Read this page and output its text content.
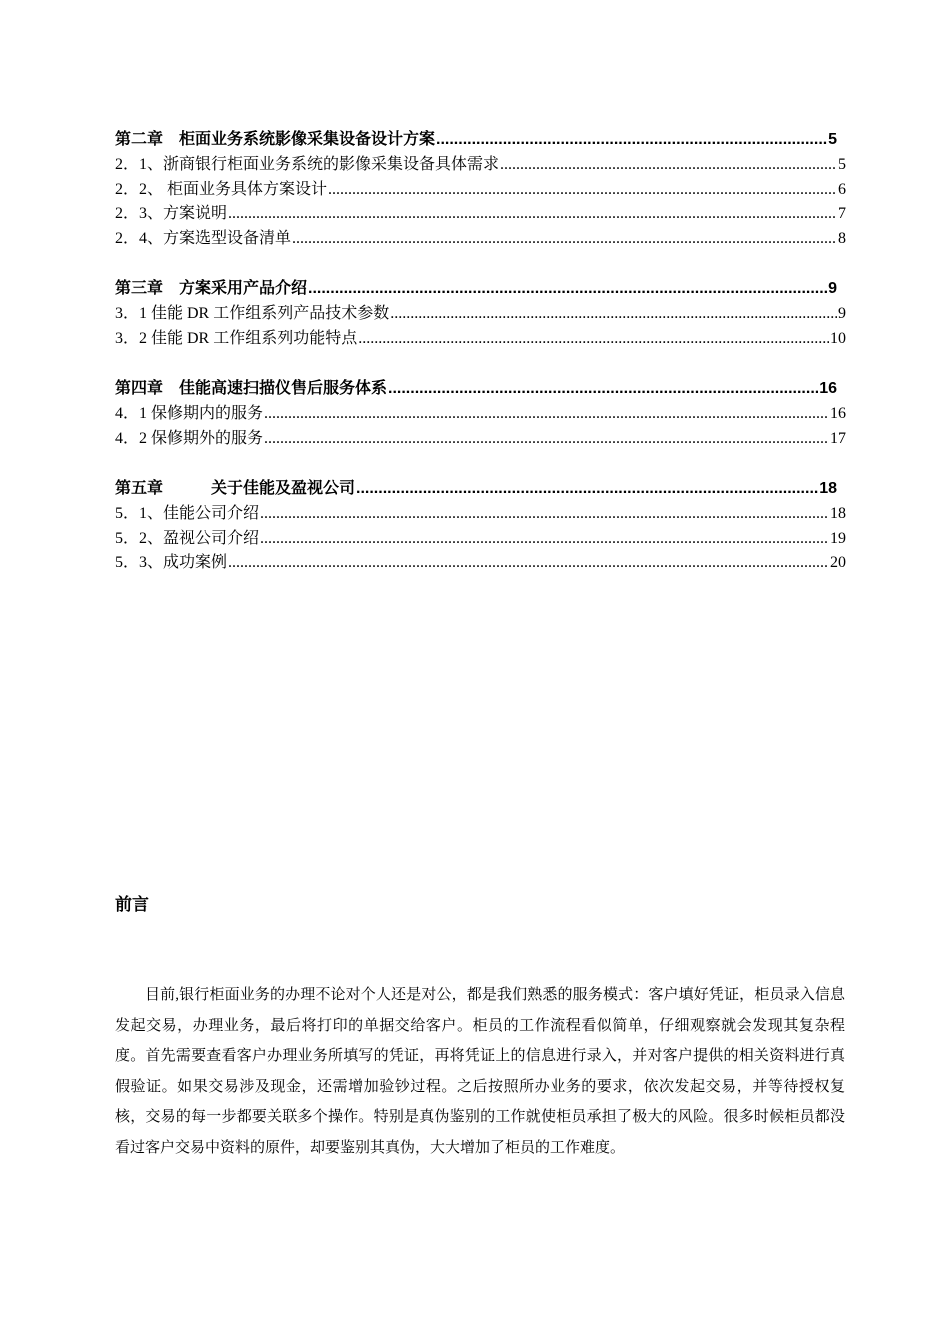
第二章　柜面业务系统影像采集设备设计方案 .....	5
2．1、浙商银行柜面业务系统的影像采集设备具体需求 .....	5
2．2、 柜面业务具体方案设计 .....	6
2．3、方案说明 .....	7
2．4、方案选型设备清单 .....	8
第三章　方案采用产品介绍 .....	9
3．1 佳能 DR 工作组系列产品技术参数 .....	9
3．2 佳能 DR 工作组系列功能特点 .....	10
第四章　佳能高速扫描仪售后服务体系 .....	16
4．1 保修期内的服务 .....	16
4．2 保修期外的服务 .....	17
第五章　　　关于佳能及盈视公司 .....	18
5．1、佳能公司介绍 .....	18
5．2、盈视公司介绍 .....	19
5．3、成功案例 .....	20
前言

目前,银行柜面业务的办理不论对个人还是对公，都是我们熟悉的服务模式：客户填好凭证，柜员录入信息发起交易，办理业务，最后将打印的单据交给客户。柜员的工作流程看似简单，仔细观察就会发现其复杂程度。首先需要查看客户办理业务所填写的凭证，再将凭证上的信息进行录入，并对客户提供的相关资料进行真假验证。如果交易涉及现金，还需增加验钞过程。之后按照所办业务的要求，依次发起交易，并等待授权复核，交易的每一步都要关联多个操作。特别是真伪鉴别的工作就使柜员承担了极大的风险。很多时候柜员都没看过客户交易中资料的原件，却要鉴别其真伪，大大增加了柜员的工作难度。
